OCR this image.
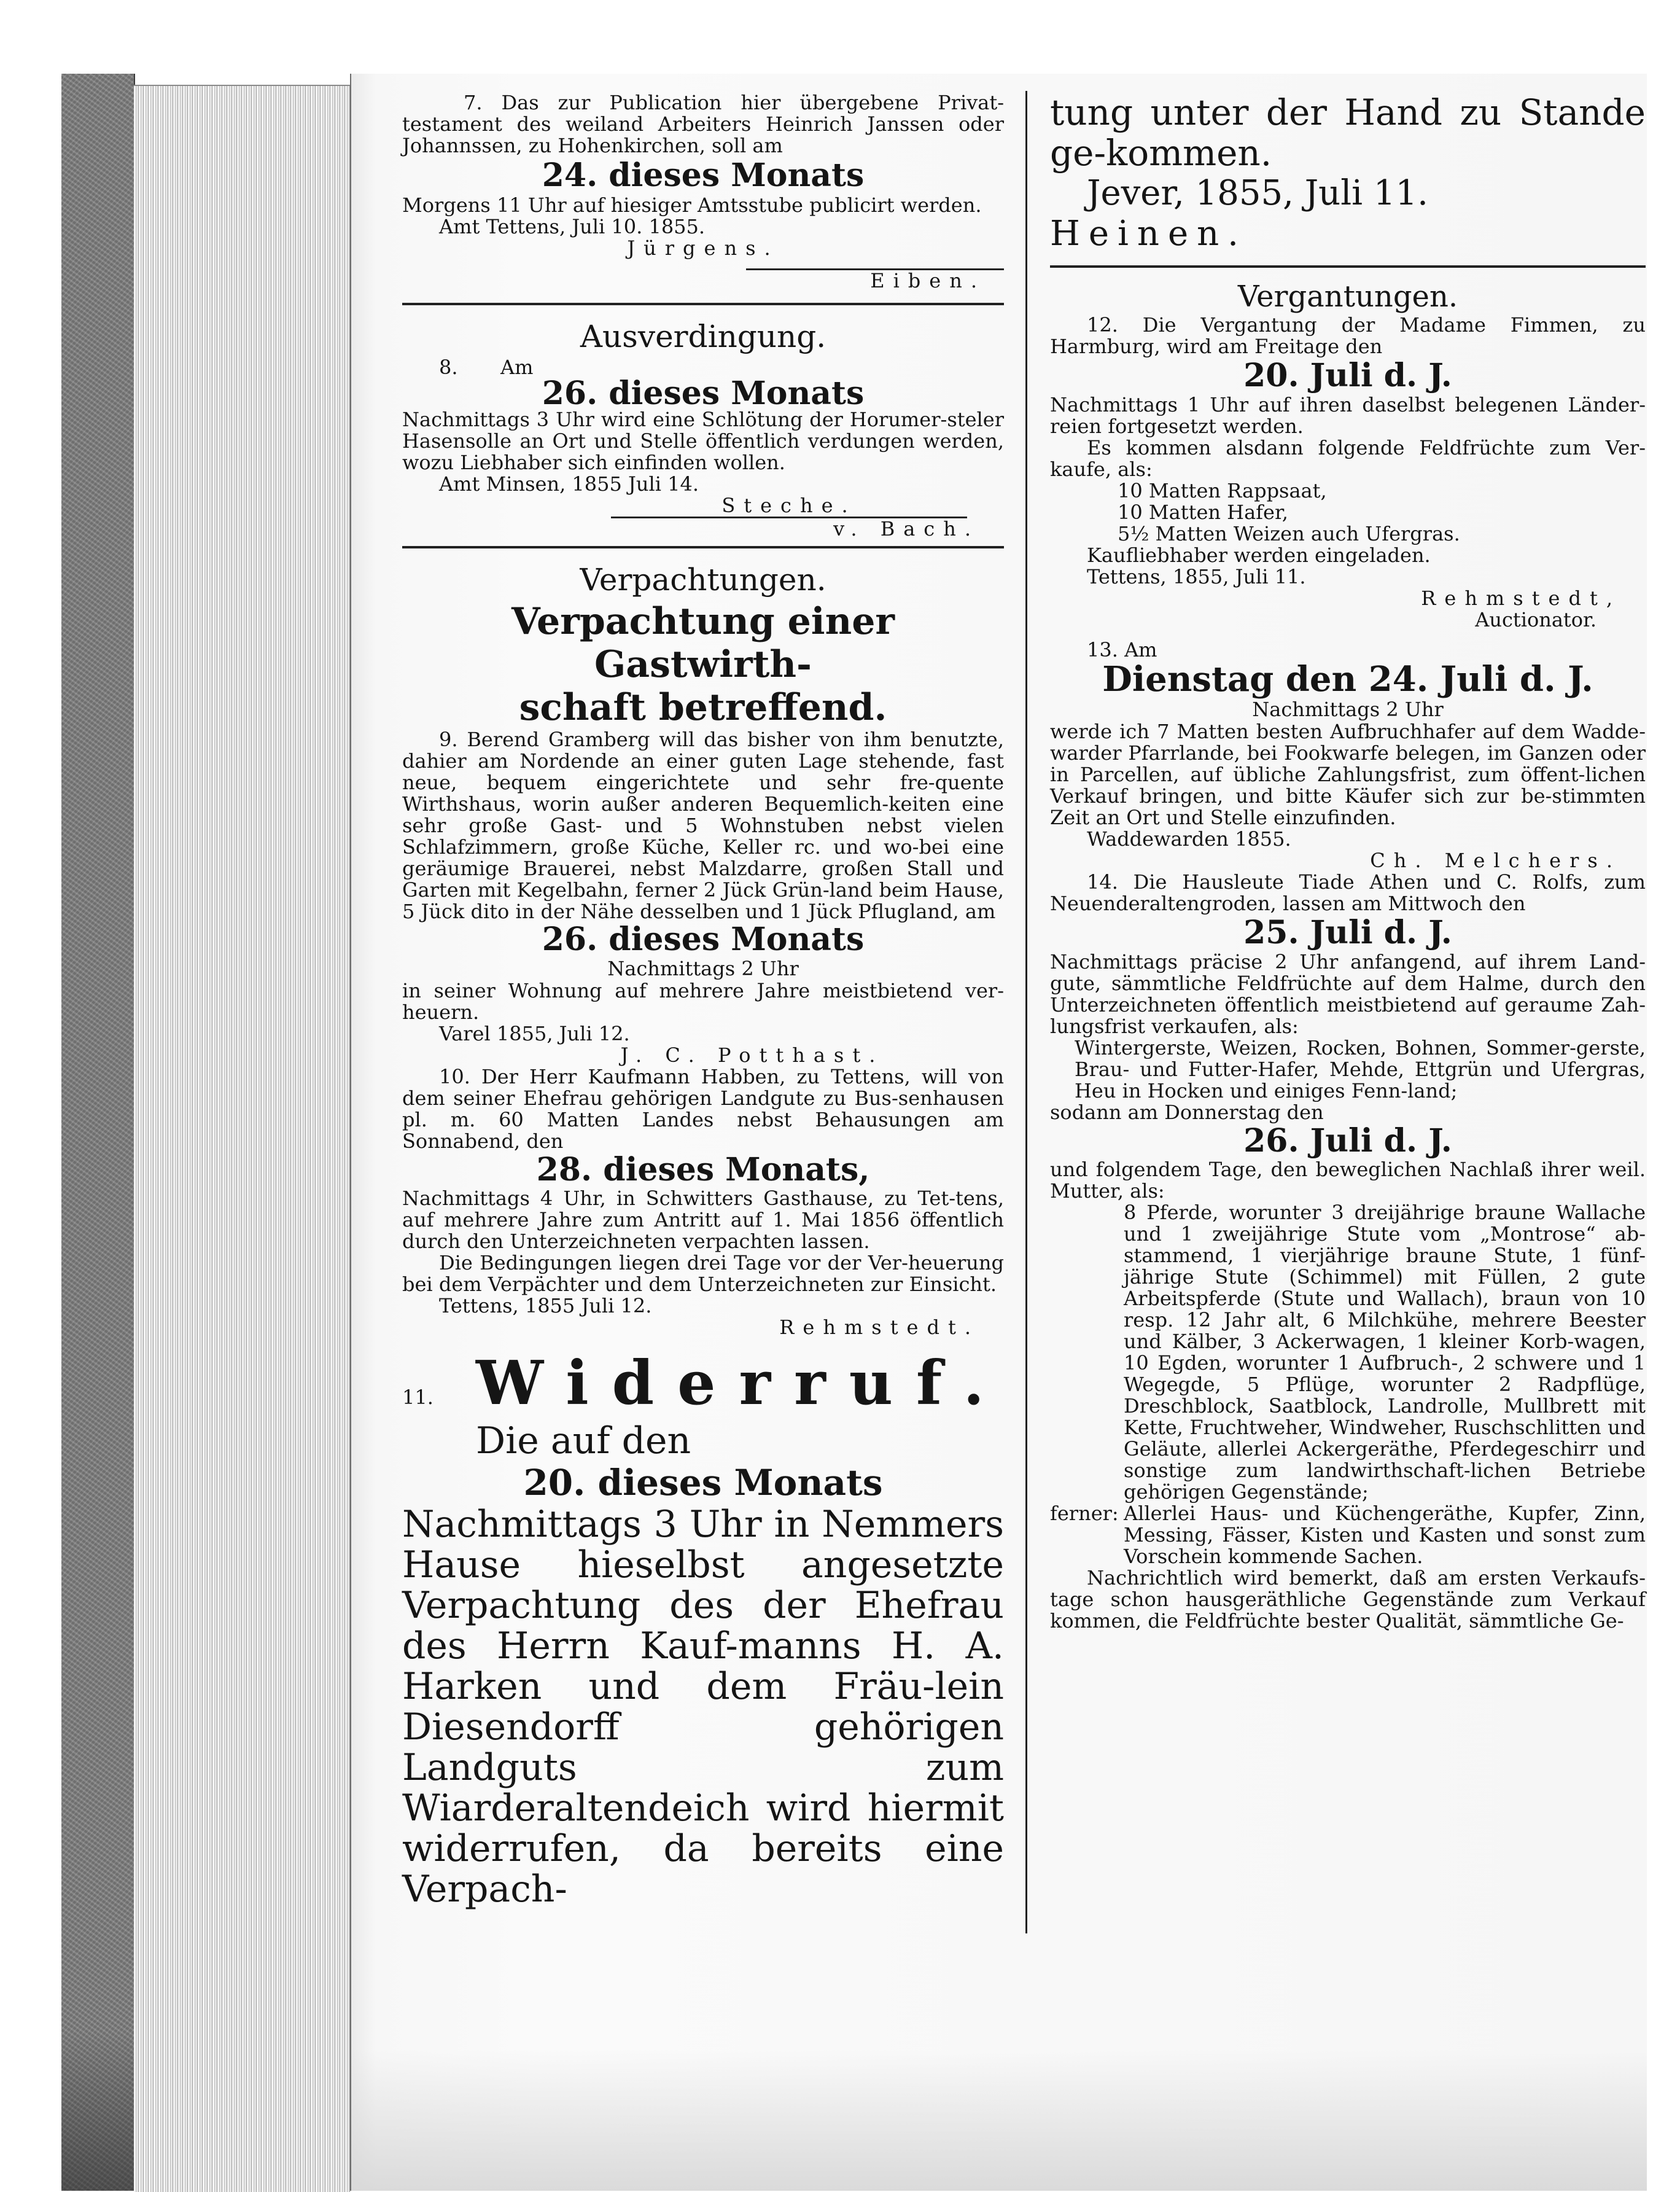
7. Das zur Publication hier übergebene Privat-testament des weiland Arbeiters Heinrich Janssen oder Johannssen, zu Hohenkirchen, soll am

24. dieses Monats

Morgens 11 Uhr auf hiesiger Amtsstube publicirt werden.

Amt Tettens, Juli 10. 1855.

Jürgens.

Eiben.

Ausverdingung.
8.	Am
26. dieses Monats

Nachmittags 3 Uhr wird eine Schlötung der Horumer-steler Hasensolle an Ort und Stelle öffentlich verdungen werden, wozu Liebhaber sich einfinden wollen.

Amt Minsen, 1855 Juli 14.

Steche.

v. Bach.

Verpachtungen.
Verpachtung einer Gastwirth-
schaft betreffend.

9. Berend Gramberg will das bisher von ihm benutzte, dahier am Nordende an einer guten Lage stehende, fast neue, bequem eingerichtete und sehr fre-quente Wirthshaus, worin außer anderen Bequemlich-keiten eine sehr große Gast- und 5 Wohnstuben nebst vielen Schlafzimmern, große Küche, Keller rc. und wo-bei eine geräumige Brauerei, nebst Malzdarre, großen Stall und Garten mit Kegelbahn, ferner 2 Jück Grün-land beim Hause, 5 Jück dito in der Nähe desselben und 1 Jück Pflugland, am

26. dieses Monats
Nachmittags 2 Uhr

in seiner Wohnung auf mehrere Jahre meistbietend ver-heuern.

Varel 1855, Juli 12.

J. C. Potthast.

10. Der Herr Kaufmann Habben, zu Tettens, will von dem seiner Ehefrau gehörigen Landgute zu Bus-senhausen pl. m. 60 Matten Landes nebst Behausungen am Sonnabend, den

28. dieses Monats,

Nachmittags 4 Uhr, in Schwitters Gasthause, zu Tet-tens, auf mehrere Jahre zum Antritt auf 1. Mai 1856 öffentlich durch den Unterzeichneten verpachten lassen.

Die Bedingungen liegen drei Tage vor der Ver-heuerung bei dem Verpächter und dem Unterzeichneten zur Einsicht.

Tettens, 1855 Juli 12.

Rehmstedt.

11. Widerruf.

Die auf den

20. dieses Monats

Nachmittags 3 Uhr in Nemmers Hause hieselbst angesetzte Verpachtung des der Ehefrau des Herrn Kauf-manns H. A. Harken und dem Fräu-lein Diesendorff gehörigen Landguts zum Wiarderaltendeich wird hiermit widerrufen, da bereits eine Verpach-

tung unter der Hand zu Stande ge-kommen.

Jever, 1855, Juli 11.

Heinen.

Vergantungen.

12. Die Vergantung der Madame Fimmen, zu Harmburg, wird am Freitage den

20. Juli d. J.

Nachmittags 1 Uhr auf ihren daselbst belegenen Länder-reien fortgesetzt werden.

Es kommen alsdann folgende Feldfrüchte zum Ver-kaufe, als:

10 Matten Rappsaat,

10 Matten Hafer,

5½ Matten Weizen auch Ufergras.

Kaufliebhaber werden eingeladen.

Tettens, 1855, Juli 11.

Rehmstedt,

Auctionator.

13. Am

Dienstag den 24. Juli d. J.
Nachmittags 2 Uhr

werde ich 7 Matten besten Aufbruchhafer auf dem Wadde-warder Pfarrlande, bei Fookwarfe belegen, im Ganzen oder in Parcellen, auf übliche Zahlungsfrist, zum öffent-lichen Verkauf bringen, und bitte Käufer sich zur be-stimmten Zeit an Ort und Stelle einzufinden.

Waddewarden 1855.

Ch. Melchers.

14. Die Hausleute Tiade Athen und C. Rolfs, zum Neuenderaltengroden, lassen am Mittwoch den

25. Juli d. J.

Nachmittags präcise 2 Uhr anfangend, auf ihrem Land-gute, sämmtliche Feldfrüchte auf dem Halme, durch den Unterzeichneten öffentlich meistbietend auf geraume Zah-lungsfrist verkaufen, als:

Wintergerste, Weizen, Rocken, Bohnen, Sommer-gerste, Brau- und Futter-Hafer, Mehde, Ettgrün und Ufergras, Heu in Hocken und einiges Fenn-land;

sodann am Donnerstag den

26. Juli d. J.

und folgendem Tage, den beweglichen Nachlaß ihrer weil. Mutter, als:

8 Pferde, worunter 3 dreijährige braune Wallache und 1 zweijährige Stute vom „Montrose“ ab-stammend, 1 vierjährige braune Stute, 1 fünf-jährige Stute (Schimmel) mit Füllen, 2 gute Arbeitspferde (Stute und Wallach), braun von 10 resp. 12 Jahr alt, 6 Milchkühe, mehrere Beester und Kälber, 3 Ackerwagen, 1 kleiner Korb-wagen, 10 Egden, worunter 1 Aufbruch-, 2 schwere und 1 Wegegde, 5 Pflüge, worunter 2 Radpflüge, Dreschblock, Saatblock, Landrolle, Mullbrett mit Kette, Fruchtweher, Windweher, Ruschschlitten und Geläute, allerlei Ackergeräthe, Pferdegeschirr und sonstige zum landwirthschaft-lichen Betriebe gehörigen Gegenstände;

ferner: Allerlei Haus- und Küchengeräthe, Kupfer, Zinn, Messing, Fässer, Kisten und Kasten und sonst zum Vorschein kommende Sachen.

Nachrichtlich wird bemerkt, daß am ersten Verkaufs-tage schon hausgeräthliche Gegenstände zum Verkauf kommen, die Feldfrüchte bester Qualität, sämmtliche Ge-
